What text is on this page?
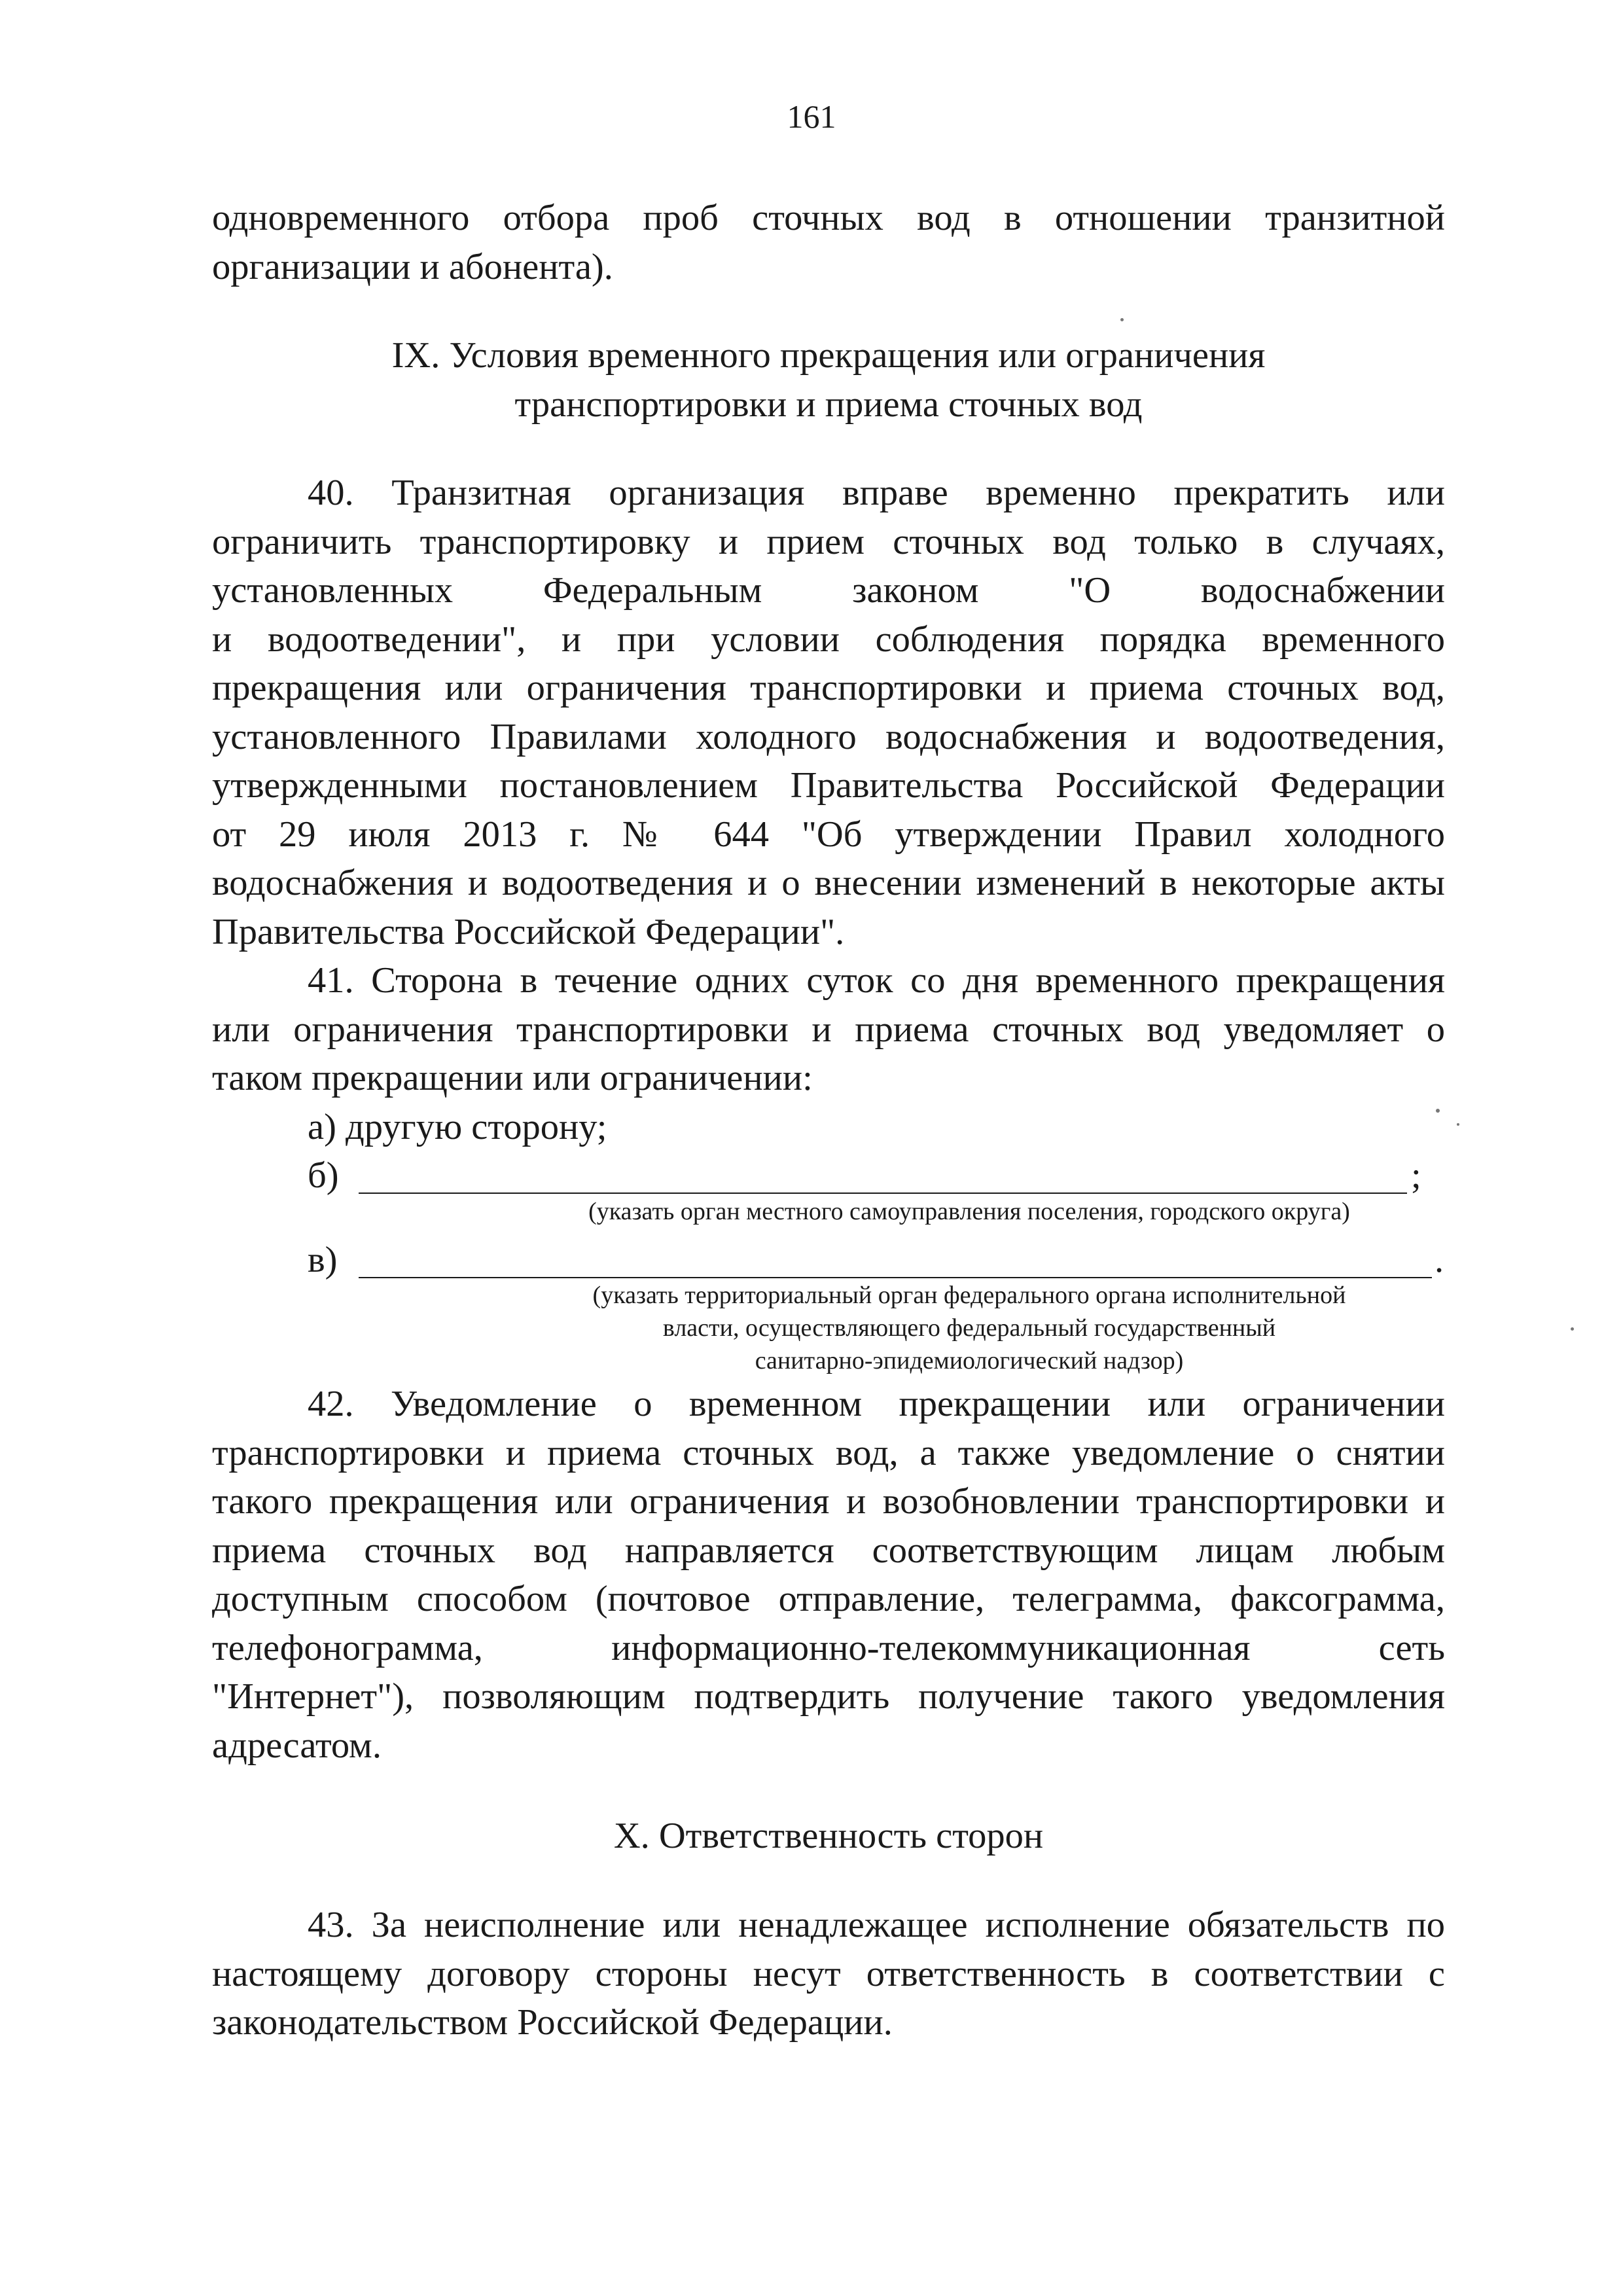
161
одновременного отбора проб сточных вод в отношении транзитной
организации и абонента).
IX. Условия временного прекращения или ограничения
транспортировки и приема сточных вод
40. Транзитная организация вправе временно прекратить или
ограничить транспортировку и прием сточных вод только в случаях,
установленных Федеральным законом "О водоснабжении
и водоотведении", и при условии соблюдения порядка временного
прекращения или ограничения транспортировки и приема сточных вод,
установленного Правилами холодного водоснабжения и водоотведения,
утвержденными постановлением Правительства Российской Федерации
от 29 июля 2013 г. № 644 "Об утверждении Правил холодного
водоснабжения и водоотведения и о внесении изменений в некоторые акты
Правительства Российской Федерации".
41. Сторона в течение одних суток со дня временного прекращения
или ограничения транспортировки и приема сточных вод уведомляет о
таком прекращении или ограничении:
а) другую сторону;
б)	;
(указать орган местного самоуправления поселения, городского округа)
в)	.
(указать территориальный орган федерального органа исполнительной
власти, осуществляющего федеральный государственный
санитарно-эпидемиологический надзор)
42. Уведомление о временном прекращении или ограничении
транспортировки и приема сточных вод, а также уведомление о снятии
такого прекращения или ограничения и возобновлении транспортировки и
приема сточных вод направляется соответствующим лицам любым
доступным способом (почтовое отправление, телеграмма, факсограмма,
телефонограмма, информационно-телекоммуникационная сеть
"Интернет"), позволяющим подтвердить получение такого уведомления
адресатом.
X. Ответственность сторон
43. За неисполнение или ненадлежащее исполнение обязательств по
настоящему договору стороны несут ответственность в соответствии с
законодательством Российской Федерации.
